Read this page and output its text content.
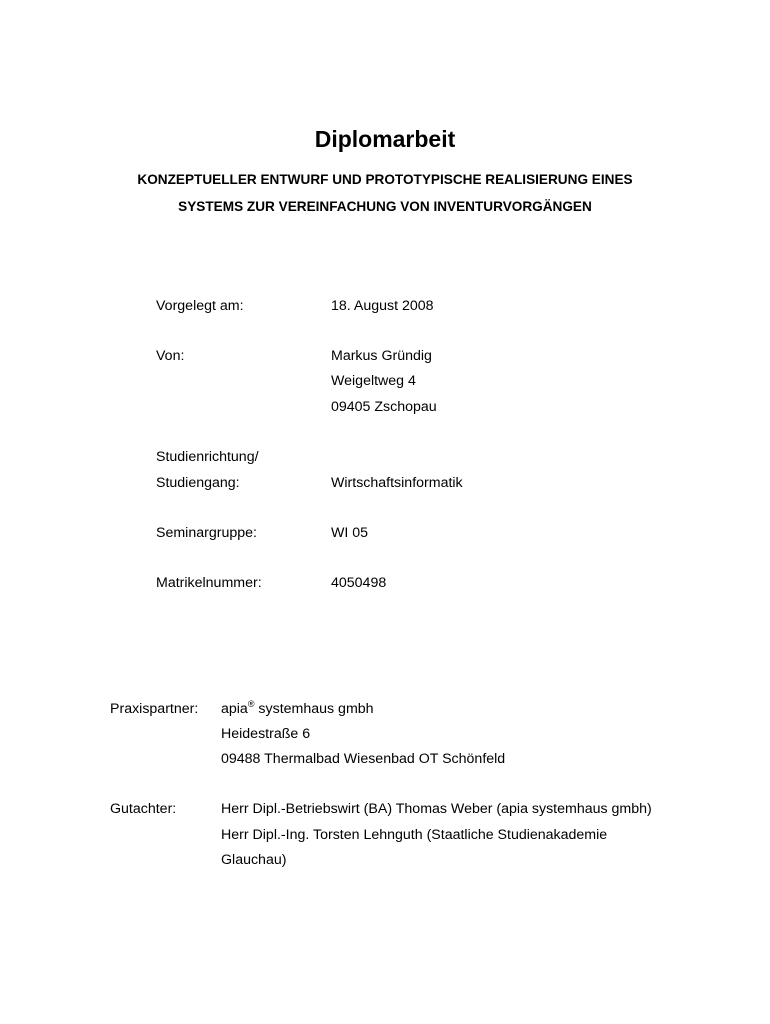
Diplomarbeit
KONZEPTUELLER ENTWURF UND PROTOTYPISCHE REALISIERUNG EINES
SYSTEMS ZUR VEREINFACHUNG VON INVENTURVORGÄNGEN
Vorgelegt am:	18. August 2008
Von:	Markus Gründig
Weigeltweg 4
09405 Zschopau
Studienrichtung/
Studiengang:	Wirtschaftsinformatik
Seminargruppe:	WI 05
Matrikelnummer:	4050498
Praxispartner: apia® systemhaus gmbh
Heidestraße 6
09488 Thermalbad Wiesenbad OT Schönfeld
Gutachter:	Herr Dipl.-Betriebswirt (BA) Thomas Weber (apia systemhaus gmbh)
Herr Dipl.-Ing. Torsten Lehnguth (Staatliche Studienakademie
Glauchau)
